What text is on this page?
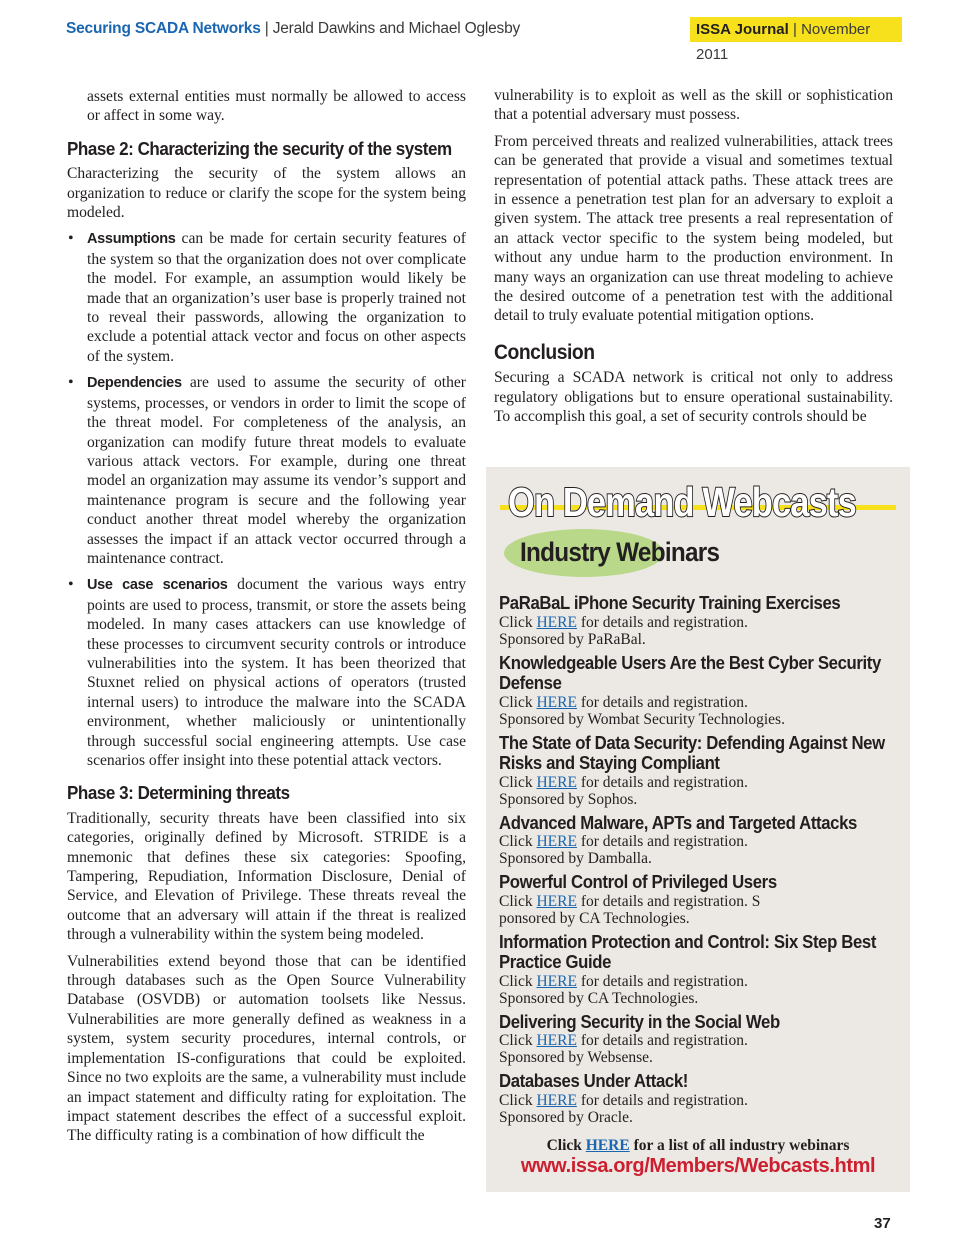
Securing SCADA Networks | Jerald Dawkins and Michael Oglesby	ISSA Journal | November 2011

assets external entities must normally be allowed to access or affect in some way.

Phase 2: Characterizing the security of the system

Characterizing the security of the system allows an organization to reduce or clarify the scope for the system being modeled.

• Assumptions can be made for certain security features of the system so that the organization does not over complicate the model. For example, an assumption would likely be made that an organization’s user base is properly trained not to reveal their passwords, allowing the organization to exclude a potential attack vector and focus on other aspects of the system.
• Dependencies are used to assume the security of other systems, processes, or vendors in order to limit the scope of the threat model. For completeness of the analysis, an organization can modify future threat models to evaluate various attack vectors. For example, during one threat model an organization may assume its vendor’s support and maintenance program is secure and the following year conduct another threat model whereby the organization assesses the impact if an attack vector occurred through a maintenance contract.
• Use case scenarios document the various ways entry points are used to process, transmit, or store the assets being modeled. In many cases attackers can use knowledge of these processes to circumvent security controls or introduce vulnerabilities into the system. It has been theorized that Stuxnet relied on physical actions of operators (trusted internal users) to introduce the malware into the SCADA environment, whether maliciously or unintentionally through successful social engineering attempts. Use case scenarios offer insight into these potential attack vectors.
Phase 3: Determining threats

Traditionally, security threats have been classified into six categories, originally defined by Microsoft. STRIDE is a mnemonic that defines these six categories: Spoofing, Tampering, Repudiation, Information Disclosure, Denial of Service, and Elevation of Privilege. These threats reveal the outcome that an adversary will attain if the threat is realized through a vulnerability within the system being modeled.

Vulnerabilities extend beyond those that can be identified through databases such as the Open Source Vulnerability Database (OSVDB) or automation toolsets like Nessus. Vulnerabilities are more generally defined as weakness in a system, system security procedures, internal controls, or implementation IS-configurations that could be exploited. Since no two exploits are the same, a vulnerability must include an impact statement and difficulty rating for exploitation. The impact statement describes the effect of a successful exploit. The difficulty rating is a combination of how difficult the

vulnerability is to exploit as well as the skill or sophistication that a potential adversary must possess.

From perceived threats and realized vulnerabilities, attack trees can be generated that provide a visual and sometimes textual representation of potential attack paths. These attack trees are in essence a penetration test plan for an adversary to exploit a given system. The attack tree presents a real representation of an attack vector specific to the system being modeled, but without any undue harm to the production environment. In many ways an organization can use threat modeling to achieve the desired outcome of a penetration test with the additional detail to truly evaluate potential mitigation options.

Conclusion

Securing a SCADA network is critical not only to address regulatory obligations but to ensure operational sustainability. To accomplish this goal, a set of security controls should be

On Demand Webcasts
Industry Webinars
PaRaBaL iPhone Security Training Exercises
Click HERE for details and registration.
Sponsored by PaRaBal.
Knowledgeable Users Are the Best Cyber Security Defense
Click HERE for details and registration.
Sponsored by Wombat Security Technologies.
The State of Data Security: Defending Against New Risks and Staying Compliant
Click HERE for details and registration.
Sponsored by Sophos.
Advanced Malware, APTs and Targeted Attacks
Click HERE for details and registration.
Sponsored by Damballa.
Powerful Control of Privileged Users
Click HERE for details and registration. S
ponsored by CA Technologies.
Information Protection and Control: Six Step Best Practice Guide
Click HERE for details and registration.
Sponsored by CA Technologies.
Delivering Security in the Social Web
Click HERE for details and registration.
Sponsored by Websense.
Databases Under Attack!
Click HERE for details and registration.
Sponsored by Oracle.
Click HERE for a list of all industry webinars
www.issa.org/Members/Webcasts.html
37
